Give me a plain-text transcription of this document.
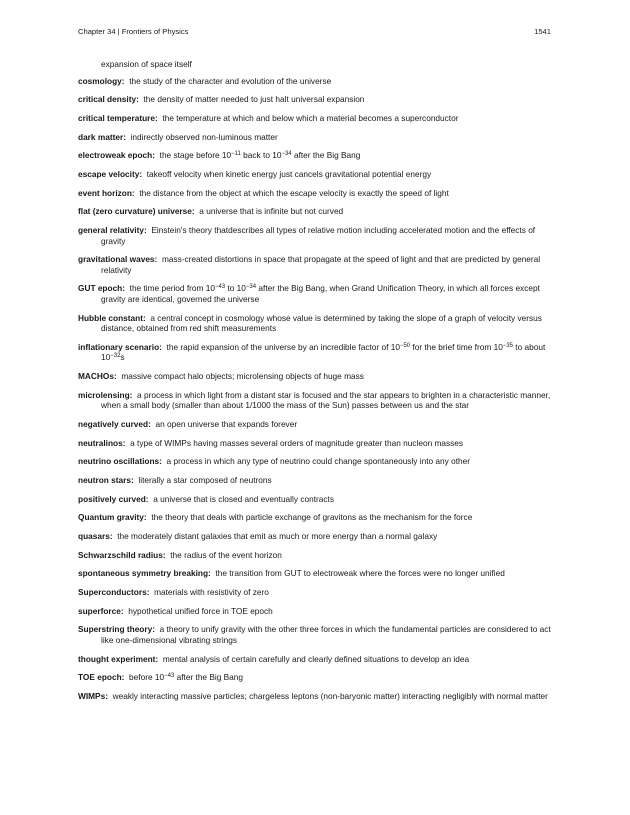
Chapter 34 | Frontiers of Physics	1541
expansion of space itself
cosmology: the study of the character and evolution of the universe
critical density: the density of matter needed to just halt universal expansion
critical temperature: the temperature at which and below which a material becomes a superconductor
dark matter: indirectly observed non-luminous matter
electroweak epoch: the stage before $10^{-11}$ back to $10^{-34}$ after the Big Bang
escape velocity: takeoff velocity when kinetic energy just cancels gravitational potential energy
event horizon: the distance from the object at which the escape velocity is exactly the speed of light
flat (zero curvature) universe: a universe that is infinite but not curved
general relativity: Einstein's theory thatdescribes all types of relative motion including accelerated motion and the effects of gravity
gravitational waves: mass-created distortions in space that propagate at the speed of light and that are predicted by general relativity
GUT epoch: the time period from $10^{-43}$ to $10^{-34}$ after the Big Bang, when Grand Unification Theory, in which all forces except gravity are identical, governed the universe
Hubble constant: a central concept in cosmology whose value is determined by taking the slope of a graph of velocity versus distance, obtained from red shift measurements
inflationary scenario: the rapid expansion of the universe by an incredible factor of $10^{-50}$ for the brief time from $10^{-35}$ to about $10^{-32}s$
MACHOs: massive compact halo objects; microlensing objects of huge mass
microlensing: a process in which light from a distant star is focused and the star appears to brighten in a characteristic manner, when a small body (smaller than about 1/1000 the mass of the Sun) passes between us and the star
negatively curved: an open universe that expands forever
neutralinos: a type of WIMPs having masses several orders of magnitude greater than nucleon masses
neutrino oscillations: a process in which any type of neutrino could change spontaneously into any other
neutron stars: literally a star composed of neutrons
positively curved: a universe that is closed and eventually contracts
Quantum gravity: the theory that deals with particle exchange of gravitons as the mechanism for the force
quasars: the moderately distant galaxies that emit as much or more energy than a normal galaxy
Schwarzschild radius: the radius of the event horizon
spontaneous symmetry breaking: the transition from GUT to electroweak where the forces were no longer unified
Superconductors: materials with resistivity of zero
superforce: hypothetical unified force in TOE epoch
Superstring theory: a theory to unify gravity with the other three forces in which the fundamental particles are considered to act like one-dimensional vibrating strings
thought experiment: mental analysis of certain carefully and clearly defined situations to develop an idea
TOE epoch: before $10^{-43}$ after the Big Bang
WIMPs: weakly interacting massive particles; chargeless leptons (non-baryonic matter) interacting negligibly with normal matter
